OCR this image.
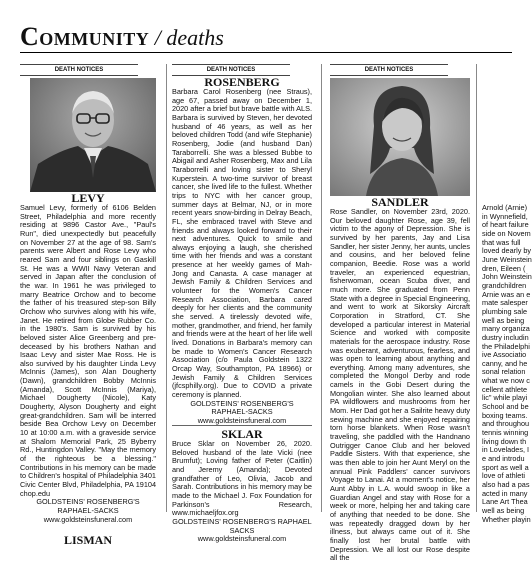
Community / deaths
DEATH NOTICES	DEATH NOTICES	DEATH NOTICES

LEVY

Samuel Levy, formerly of 6106 Belden Street, Philadelphia and more recently residing at 9896 Castor Ave., "Paul's Run", died unexpectedly but peacefully on November 27 at the age of 98. Sam's parents were Albert and Rose Levy who reared Sam and four siblings on Gaskill St. He was a WWII Navy Veteran and served in Japan after the conclusion of the war. In 1961 he was privileged to marry Beatrice Orchow and to become the father of his treasured step-son Billy Orchow who survives along with his wife, Janet. He retired from Globe Rubber Co. in the 1980's. Sam is survived by his beloved sister Alice Greenberg and pre-deceased by his brothers Nathan and Isaac Levy and sister Mae Ross. He is also survived by his daughter Linda Levy McInnis (James), son Alan Dougherty (Dawn), grandchildren Bobby McInnis (Amanda), Scott McInnis (Mariya), Michael Dougherty (Nicole), Katy Dougherty, Alyson Dougherty and eight great-grandchildren. Sam will be interred beside Bea Orchow Levy on December 10 at 10:00 a.m. with a graveside service at Shalom Memorial Park, 25 Byberry Rd., Huntingdon Valley. "May the memory of the righteous be a blessing." Contributions in his memory can be made to Children's hospital of Philadelphia 3401 Civic Center Blvd, Philadelphia, PA 19104 chop.edu

GOLDSTEINS' ROSENBERG'S RAPHAEL-SACKS

www.goldsteinsfuneral.com

LISMAN

ROSENBERG

Barbara Carol Rosenberg (nee Straus), age 67, passed away on December 1, 2020 after a brief but brave battle with ALS. Barbara is survived by Steven, her devoted husband of 46 years, as well as her beloved children Todd (and wife Stephanie) Rosenberg, Jodie (and husband Dan) Taraborrelli. She was a blessed Bubbe to Abigail and Asher Rosenberg, Max and Lila Taraborrelli and loving sister to Sheryl Kuperstein. A two-time survivor of breast cancer, she lived life to the fullest. Whether trips to NYC with her cancer group, summer days at Belmar, NJ, or in more recent years snow-birding in Delray Beach, FL, she embraced travel with Steve and friends and always looked forward to their next adventures. Quick to smile and always enjoying a laugh, she cherished time with her friends and was a constant presence at her weekly games of Mah-Jong and Canasta. A case manager at Jewish Family & Children Services and volunteer for the Women's Cancer Research Association, Barbara cared deeply for her clients and the community she served. A tirelessly devoted wife, mother, grandmother, and friend, her family and friends were at the heart of her life well lived. Donations in Barbara's memory can be made to Women's Cancer Research Association (c/o Paula Goldstein 1322 Orcap Way, Southampton, PA 18966) or Jewish Family & Children Services (jfcsphilly.org). Due to COVID a private ceremony is planned.

GOLDSTEINS' ROSENBERG'S RAPHAEL-SACKS

www.goldsteinsfuneral.com

SKLAR

Bruce Sklar on November 26, 2020. Beloved husband of the late Vicki (nee Brumfut); Loving father of Peter (Caitlin) and Jeremy (Amanda); Devoted grandfather of Leo, Olivia, Jacob and Sarah. Contributions in his memory may be made to the Michael J. Fox Foundation for Parkinson's Research, www.michaeljfox.org

GOLDSTEINS' ROSENBERG'S RAPHAEL SACKS

www.goldsteinsfuneral.com

SANDLER

Rose Sandler, on November 23rd, 2020. Our beloved daughter Rose, age 39, fell victim to the agony of Depression. She is survived by her parents, Jay and Lisa Sandler, her sister Jenny, her aunts, uncles and cousins, and her beloved feline companion, Beedie. Rose was a world traveler, an experienced equestrian, fisherwoman, ocean Scuba diver, and much more. She graduated from Penn State with a degree in Special Engineering, and went to work at Sikorsky Aircraft Corporation in Stratford, CT. She developed a particular interest in Material Science and worked with composite materials for the aerospace industry. Rose was exuberant, adventurous, fearless, and was open to learning about anything and everything. Among many adventures, she completed the Mongol Derby and rode camels in the Gobi Desert during the Mongolian winter. She also learned about PA wildflowers and mushrooms from her Mom. Her Dad got her a Sailrite heavy duty sewing machine and she enjoyed repairing torn horse blankets. When Rose wasn't traveling, she paddled with the Handnano Outrigger Canoe Club and her beloved Paddle Sisters. With that experience, she was then able to join her Aunt Meryl on the annual Pink Paddlers' cancer survivors Voyage to Lanai. At a moment's notice, her Aunt Abby in L.A. would swoop in like a Guardian Angel and stay with Rose for a week or more, helping her and taking care of anything that needed to be done. She was repeatedly dragged down by her illness, but always came out of it. She finally lost her brutal battle with Depression. We all lost our Rose despite all the

Arnold (Arnie)
in Wynnefield,
of heart failure
side on Novem
that was full
loved dearly by
June Weinstein
dren, Eileen (
John Weinstein
grandchildren
Arnie was an e
mate salesper
plumbing sale
well as being
many organiza
dustry includin
the Philadelphi
ive Associatio
canny, and he
sonal relation
what we now c
cellent athlete
lic" while playi
School and be
boxing teams.
and throughou
tennis winning
living down th
in Lovelades, I
e and introdu
sport as well a
love of athleti
also had a pas
acted in many
Lane Art Thea
well as being
Whether playin
